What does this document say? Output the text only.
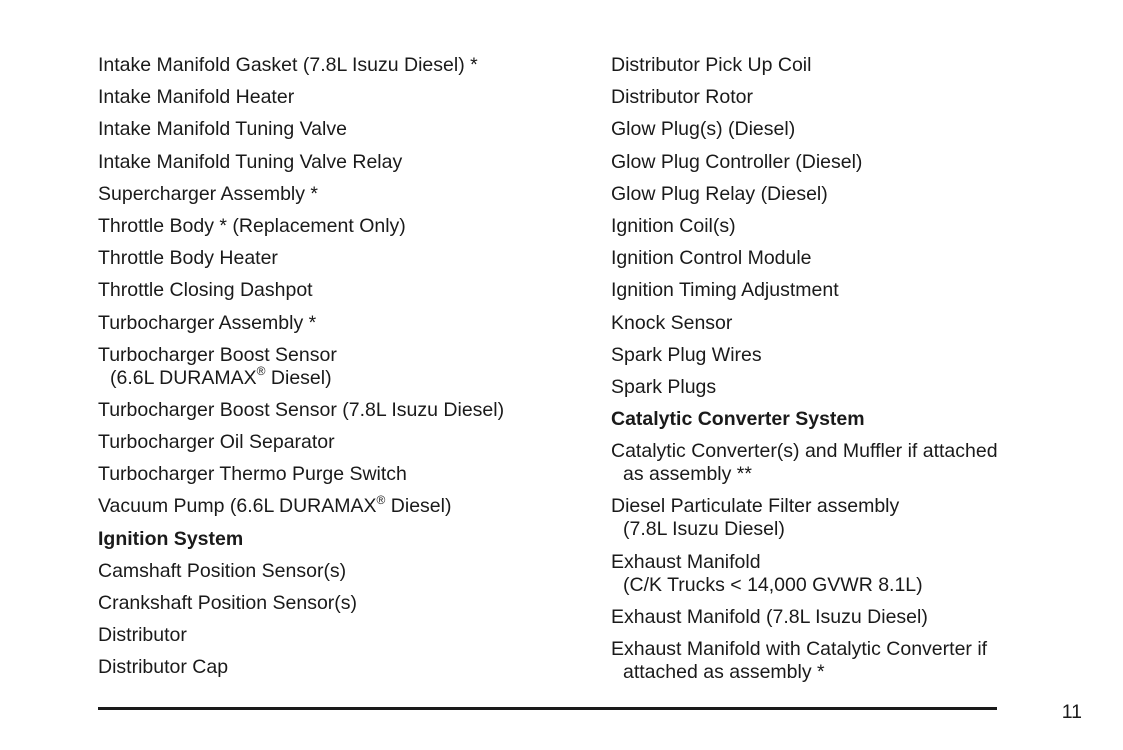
Intake Manifold Gasket (7.8L Isuzu Diesel) *
Intake Manifold Heater
Intake Manifold Tuning Valve
Intake Manifold Tuning Valve Relay
Supercharger Assembly *
Throttle Body * (Replacement Only)
Throttle Body Heater
Throttle Closing Dashpot
Turbocharger Assembly *
Turbocharger Boost Sensor
(6.6L DURAMAX® Diesel)
Turbocharger Boost Sensor (7.8L Isuzu Diesel)
Turbocharger Oil Separator
Turbocharger Thermo Purge Switch
Vacuum Pump (6.6L DURAMAX® Diesel)
Ignition System
Camshaft Position Sensor(s)
Crankshaft Position Sensor(s)
Distributor
Distributor Cap
Distributor Pick Up Coil
Distributor Rotor
Glow Plug(s) (Diesel)
Glow Plug Controller (Diesel)
Glow Plug Relay (Diesel)
Ignition Coil(s)
Ignition Control Module
Ignition Timing Adjustment
Knock Sensor
Spark Plug Wires
Spark Plugs
Catalytic Converter System
Catalytic Converter(s) and Muffler if attached
as assembly **
Diesel Particulate Filter assembly
(7.8L Isuzu Diesel)
Exhaust Manifold
(C/K Trucks < 14,000 GVWR 8.1L)
Exhaust Manifold (7.8L Isuzu Diesel)
Exhaust Manifold with Catalytic Converter if
attached as assembly *
11
